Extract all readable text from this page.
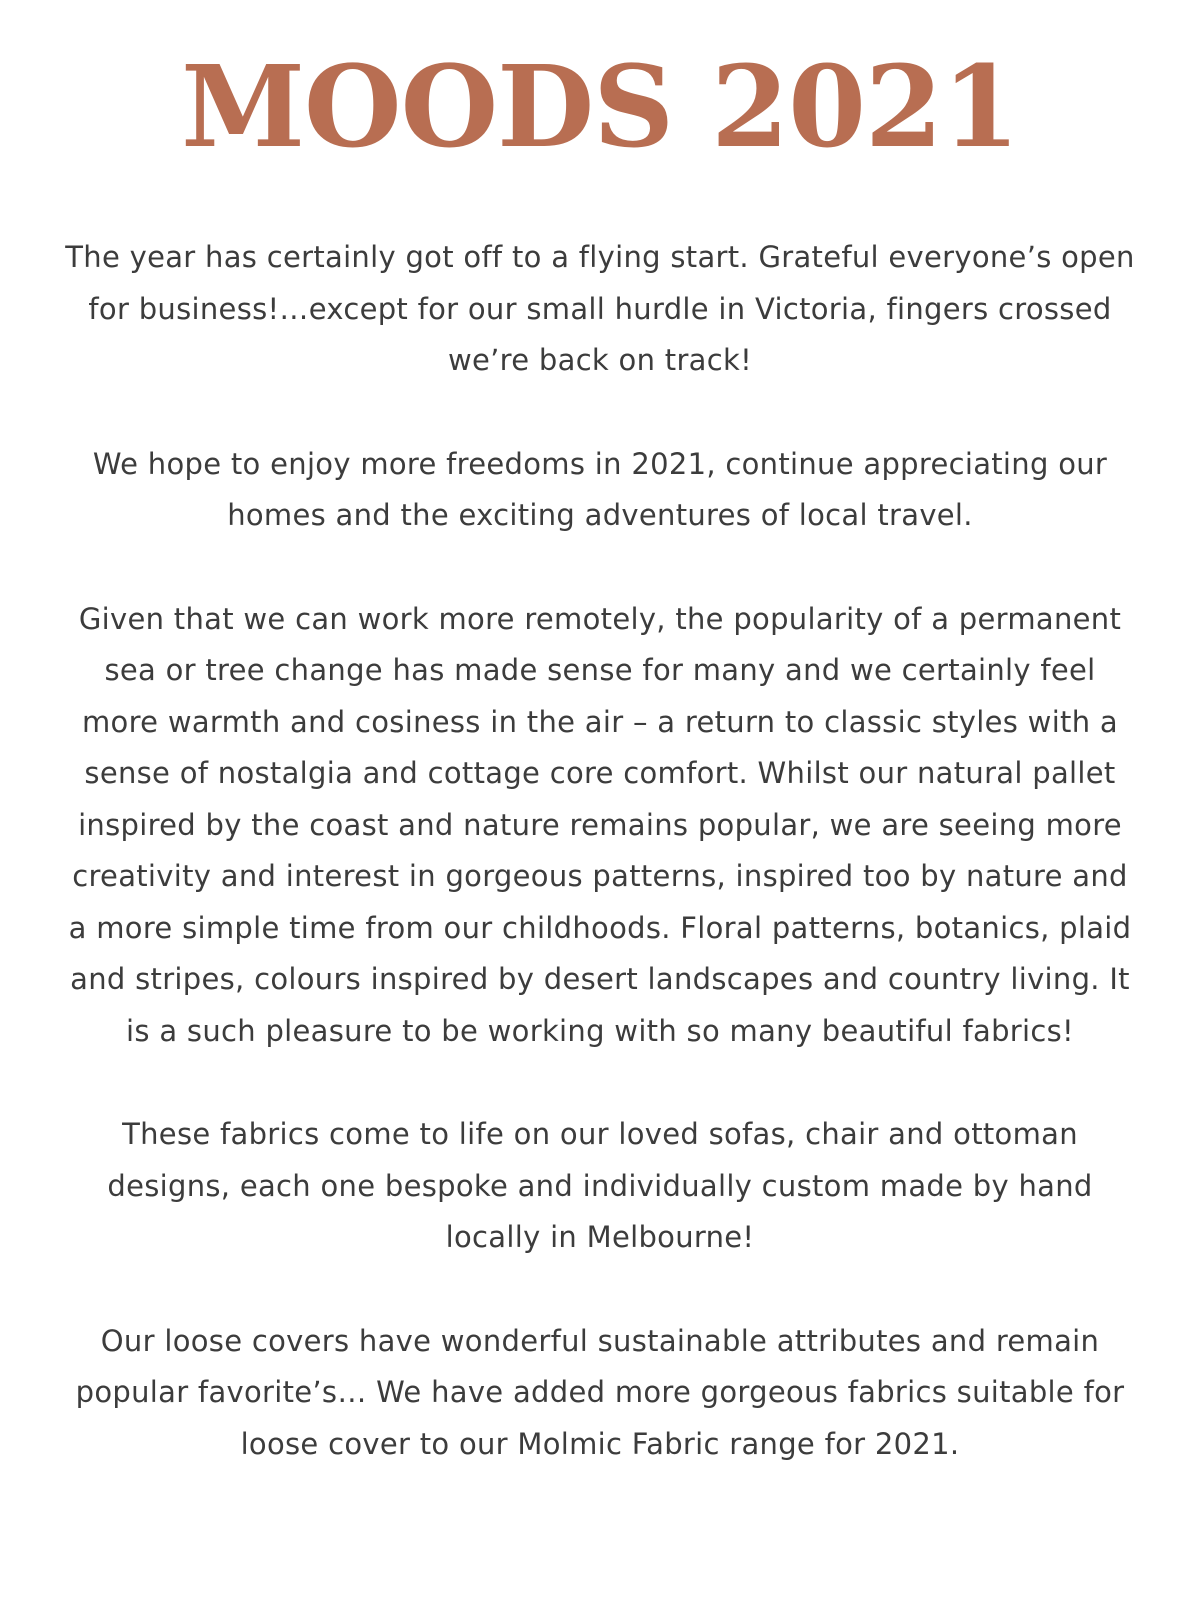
MOODS 2021

The year has certainly got off to a flying start. Grateful everyone’s open for business!…except for our small hurdle in Victoria, fingers crossed we’re back on track!

We hope to enjoy more freedoms in 2021, continue appreciating our homes and the exciting adventures of local travel.

Given that we can work more remotely, the popularity of a permanent sea or tree change has made sense for many and we certainly feel more warmth and cosiness in the air – a return to classic styles with a sense of nostalgia and cottage core comfort. Whilst our natural pallet inspired by the coast and nature remains popular, we are seeing more creativity and interest in gorgeous patterns, inspired too by nature and a more simple time from our childhoods. Floral patterns, botanics, plaid and stripes, colours inspired by desert landscapes and country living. It is a such pleasure to be working with so many beautiful fabrics!

These fabrics come to life on our loved sofas, chair and ottoman designs, each one bespoke and individually custom made by hand locally in Melbourne!

Our loose covers have wonderful sustainable attributes and remain popular favorite’s… We have added more gorgeous fabrics suitable for loose cover to our Molmic Fabric range for 2021.
